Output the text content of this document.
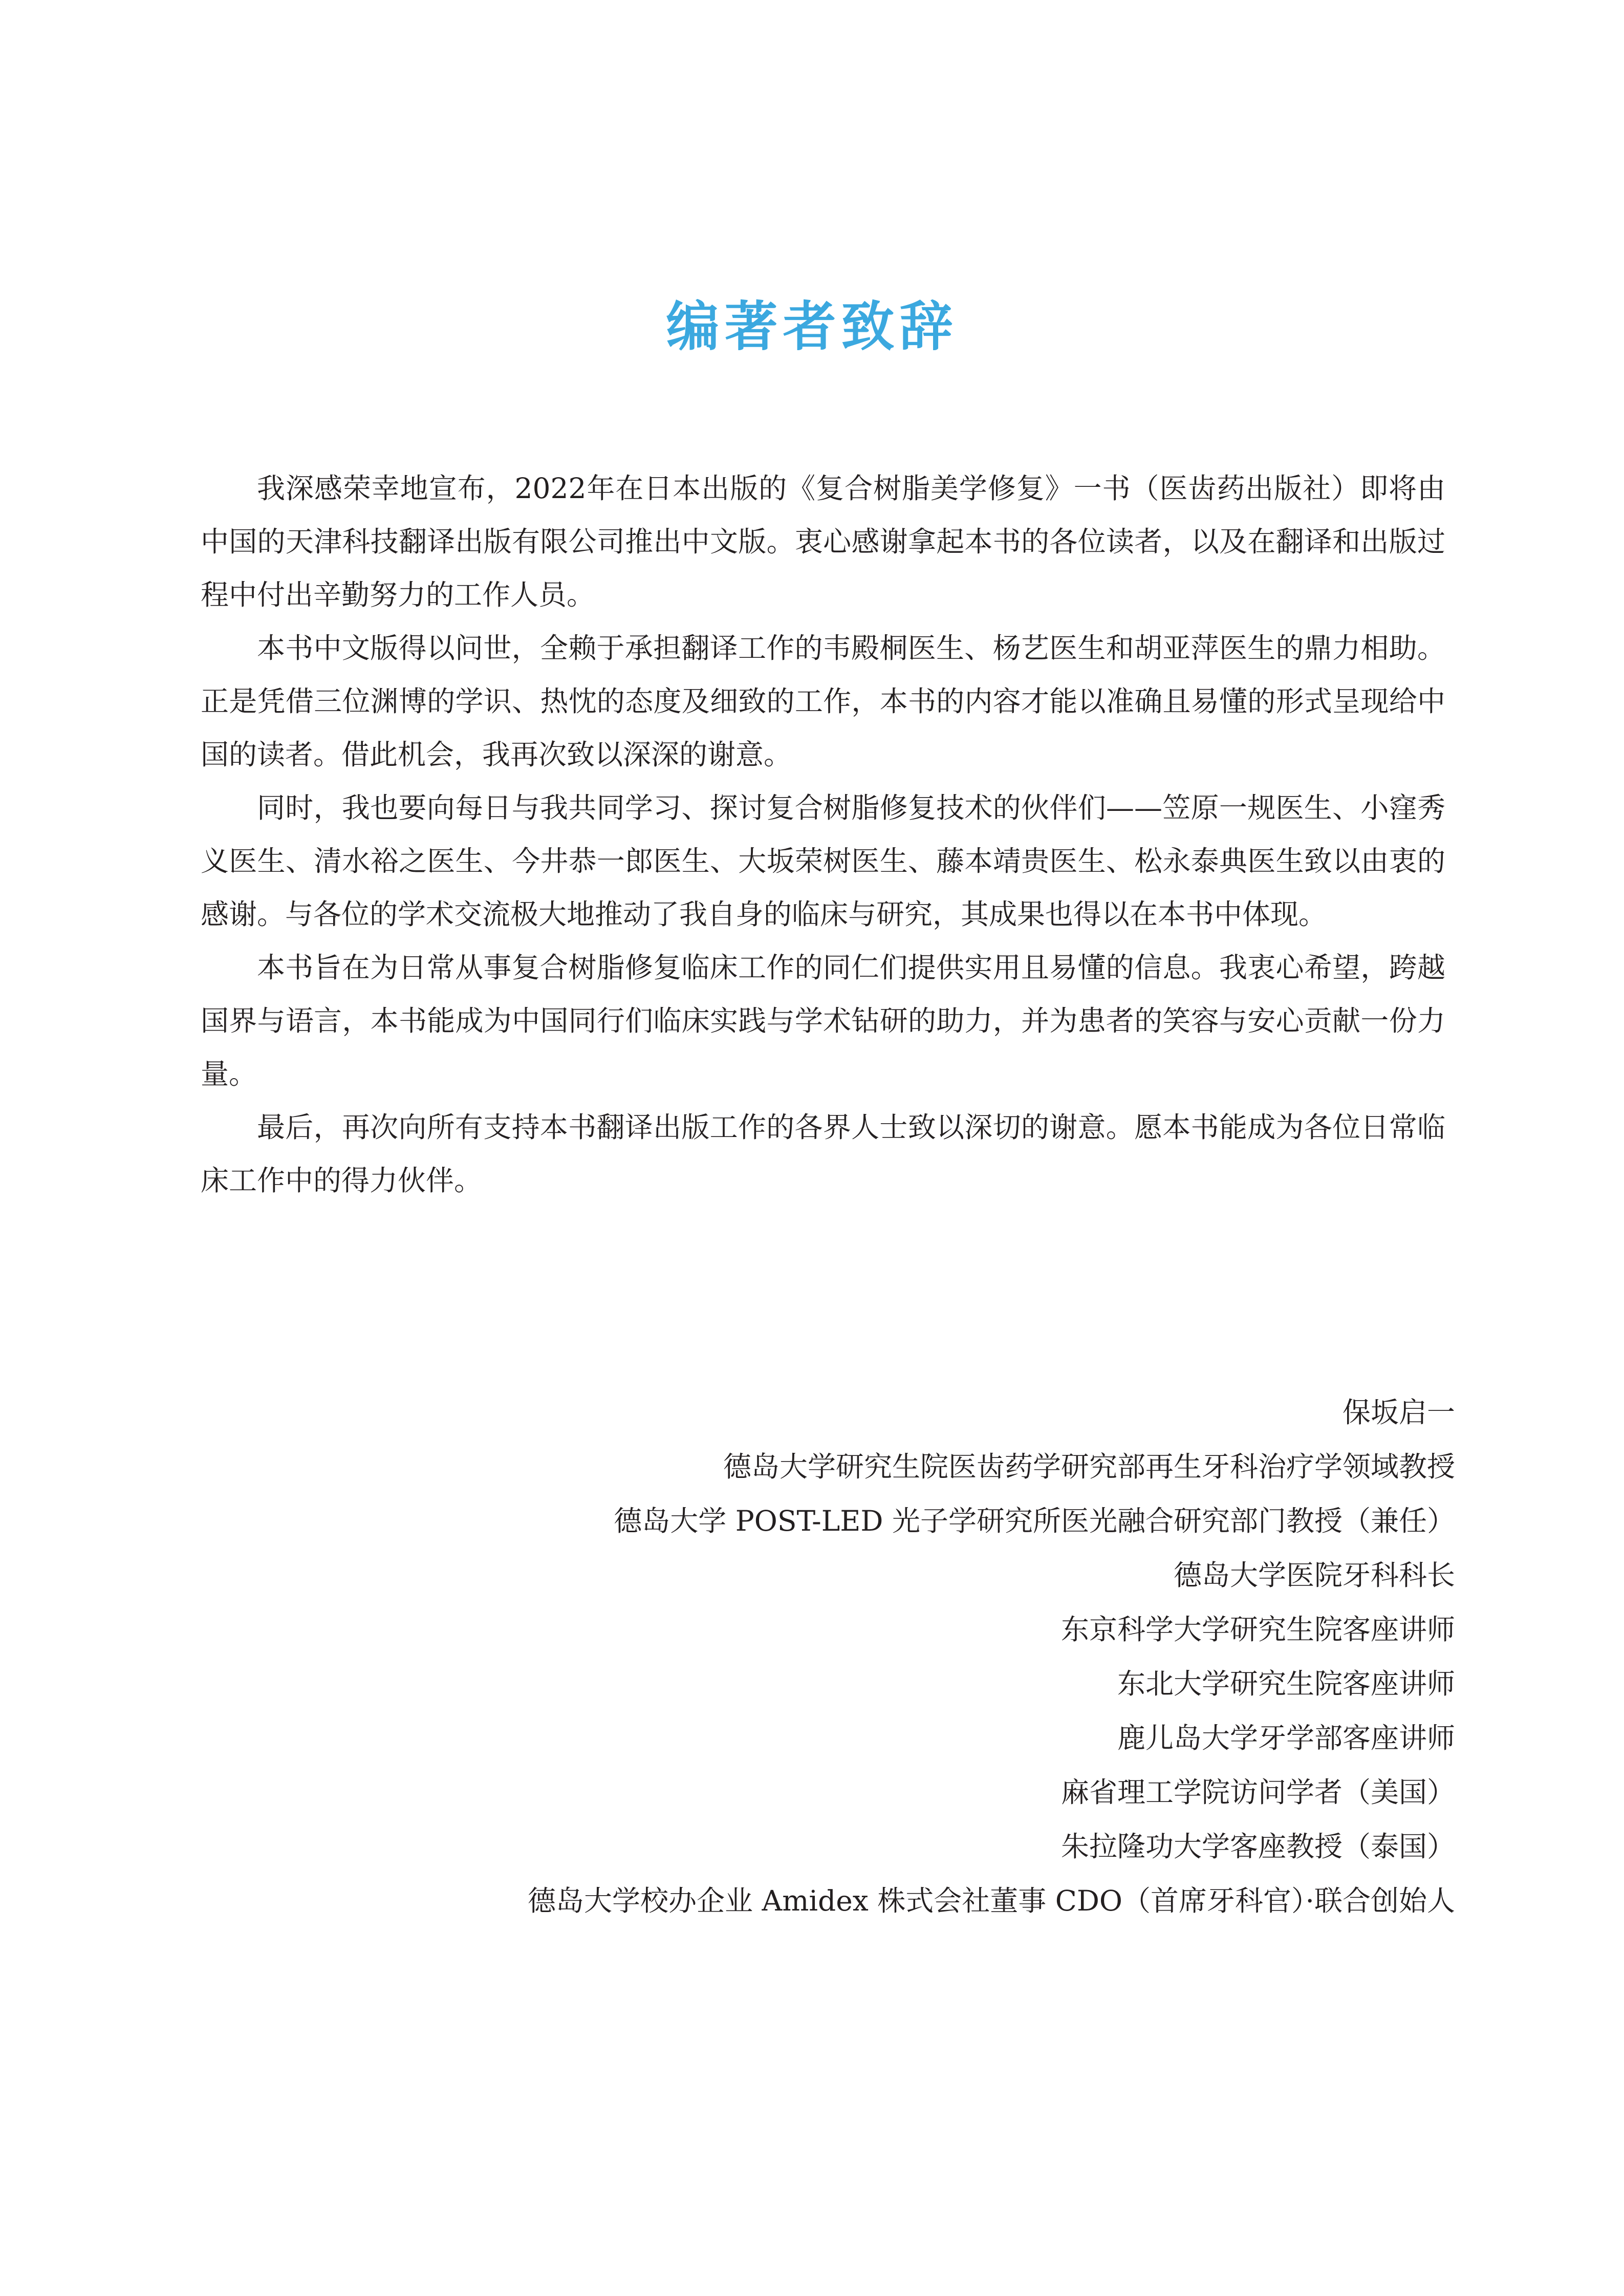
编著者致辞

我深感荣幸地宣布，2022年在日本出版的《复合树脂美学修复》一书（医齿药出版社）即将由中国的天津科技翻译出版有限公司推出中文版。衷心感谢拿起本书的各位读者，以及在翻译和出版过程中付出辛勤努力的工作人员。

本书中文版得以问世，全赖于承担翻译工作的韦殿桐医生、杨艺医生和胡亚萍医生的鼎力相助。正是凭借三位渊博的学识、热忱的态度及细致的工作，本书的内容才能以准确且易懂的形式呈现给中国的读者。借此机会，我再次致以深深的谢意。

同时，我也要向每日与我共同学习、探讨复合树脂修复技术的伙伴们——笠原一规医生、小窪秀义医生、清水裕之医生、今井恭一郎医生、大坂荣树医生、藤本靖贵医生、松永泰典医生致以由衷的感谢。与各位的学术交流极大地推动了我自身的临床与研究，其成果也得以在本书中体现。

本书旨在为日常从事复合树脂修复临床工作的同仁们提供实用且易懂的信息。我衷心希望，跨越国界与语言，本书能成为中国同行们临床实践与学术钻研的助力，并为患者的笑容与安心贡献一份力量。

最后，再次向所有支持本书翻译出版工作的各界人士致以深切的谢意。愿本书能成为各位日常临床工作中的得力伙伴。

保坂启一
德岛大学研究生院医齿药学研究部再生牙科治疗学领域教授
德岛大学 POST-LED 光子学研究所医光融合研究部门教授（兼任）
德岛大学医院牙科科长
东京科学大学研究生院客座讲师
东北大学研究生院客座讲师
鹿儿岛大学牙学部客座讲师
麻省理工学院访问学者（美国）
朱拉隆功大学客座教授（泰国）
德岛大学校办企业 Amidex 株式会社董事 CDO（首席牙科官）·联合创始人
